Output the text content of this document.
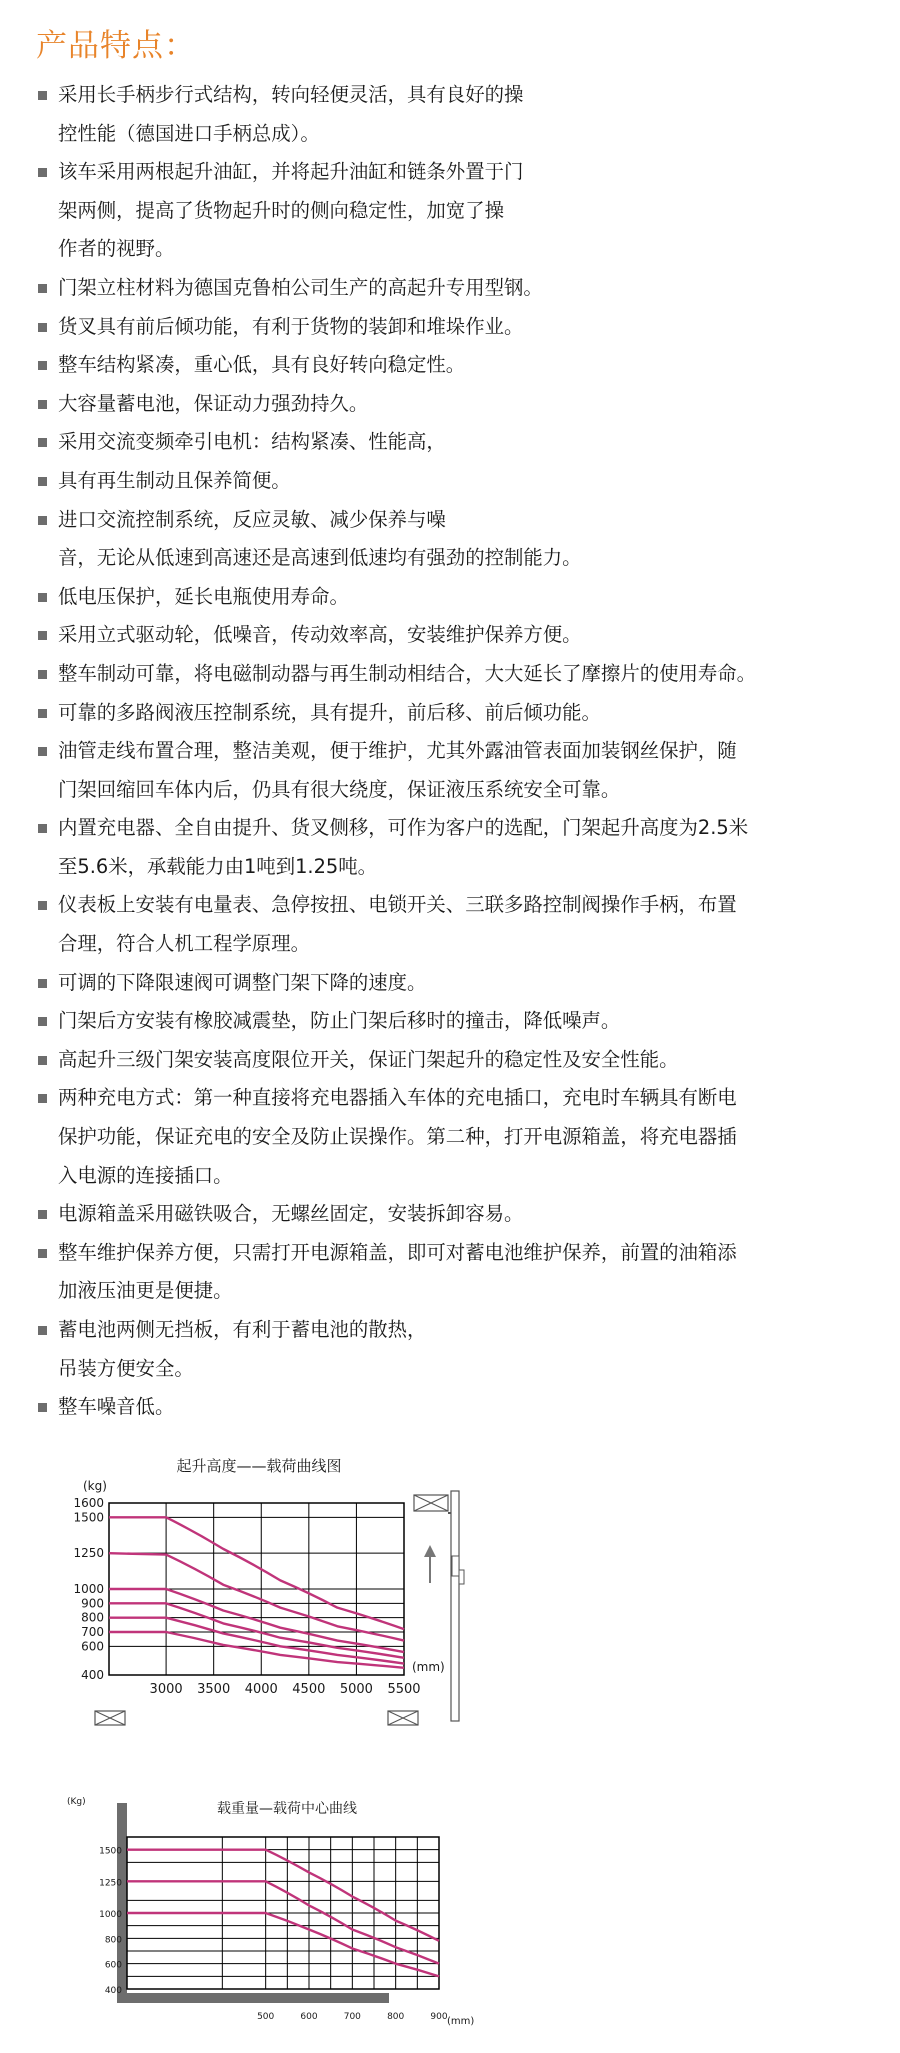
产品特点：
采用长手柄步行式结构，转向轻便灵活，具有良好的操
控性能（德国进口手柄总成）。
该车采用两根起升油缸，并将起升油缸和链条外置于门
架两侧，提高了货物起升时的侧向稳定性，加宽了操
作者的视野。
门架立柱材料为德国克鲁柏公司生产的高起升专用型钢。
货叉具有前后倾功能，有利于货物的装卸和堆垛作业。
整车结构紧凑，重心低，具有良好转向稳定性。
大容量蓄电池，保证动力强劲持久。
采用交流变频牵引电机：结构紧凑、性能高，
具有再生制动且保养简便。
进口交流控制系统，反应灵敏、减少保养与噪
音，无论从低速到高速还是高速到低速均有强劲的控制能力。
低电压保护，延长电瓶使用寿命。
采用立式驱动轮，低噪音，传动效率高，安装维护保养方便。
整车制动可靠，将电磁制动器与再生制动相结合，大大延长了摩擦片的使用寿命。
可靠的多路阀液压控制系统，具有提升，前后移、前后倾功能。
油管走线布置合理，整洁美观，便于维护，尤其外露油管表面加装钢丝保护，随
门架回缩回车体内后，仍具有很大绕度，保证液压系统安全可靠。
内置充电器、全自由提升、货叉侧移，可作为客户的选配，门架起升高度为2.5米
至5.6米，承载能力由1吨到1.25吨。
仪表板上安装有电量表、急停按扭、电锁开关、三联多路控制阀操作手柄，布置
合理，符合人机工程学原理。
可调的下降限速阀可调整门架下降的速度。
门架后方安装有橡胶减震垫，防止门架后移时的撞击，降低噪声。
高起升三级门架安装高度限位开关，保证门架起升的稳定性及安全性能。
两种充电方式：第一种直接将充电器插入车体的充电插口，充电时车辆具有断电
保护功能，保证充电的安全及防止误操作。第二种，打开电源箱盖，将充电器插
入电源的连接插口。
电源箱盖采用磁铁吸合，无螺丝固定，安装拆卸容易。
整车维护保养方便，只需打开电源箱盖，即可对蓄电池维护保养，前置的油箱添
加液压油更是便捷。
蓄电池两侧无挡板，有利于蓄电池的散热，
吊装方便安全。
整车噪音低。
400
600
700
800
900
1000
1250
1500
1600
3000 3500 4000 4500 5000 5500
(kg)
(mm)
起升高度——载荷曲线图
400
600
800
1000
1250
1500
500	600	700	800	900
(Kg)
(mm)
载重量—载荷中心曲线
